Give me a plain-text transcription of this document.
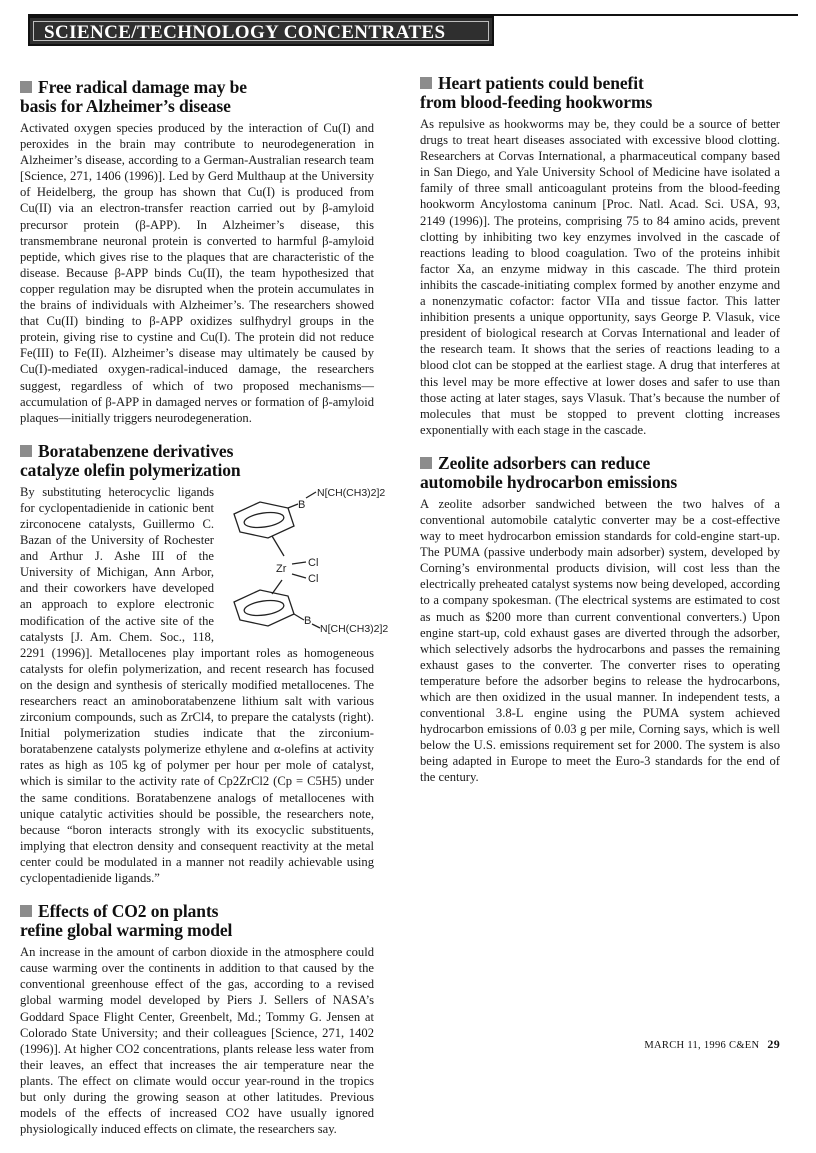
SCIENCE/TECHNOLOGY CONCENTRATES
Free radical damage may be
basis for Alzheimer’s disease

Activated oxygen species produced by the interaction of Cu(I) and peroxides in the brain may contribute to neurodegeneration in Alzheimer’s disease, according to a German-Australian research team [Science, 271, 1406 (1996)]. Led by Gerd Multhaup at the University of Heidelberg, the group has shown that Cu(I) is produced from Cu(II) via an electron-transfer reaction carried out by β-amyloid precursor protein (β-APP). In Alzheimer’s disease, this transmembrane neuronal protein is converted to harmful β-amyloid peptide, which gives rise to the plaques that are characteristic of the disease. Because β-APP binds Cu(II), the team hypothesized that copper regulation may be disrupted when the protein accumulates in the brains of individuals with Alzheimer’s. The researchers showed that Cu(II) binding to β-APP oxidizes sulfhydryl groups in the protein, giving rise to cystine and Cu(I). The protein did not reduce Fe(III) to Fe(II). Alzheimer’s disease may ultimately be caused by Cu(I)-mediated oxygen-radical-induced damage, the researchers suggest, regardless of which of two proposed mechanisms—accumulation of β-APP in damaged nerves or formation of β-amyloid plaques—initially triggers neurodegeneration.

Boratabenzene derivatives
catalyze olefin polymerization
B
N[CH(CH3)2]2
Zr Cl
Cl
B
N[CH(CH3)2]2
By substituting heterocyclic ligands for cyclopentadienide in cationic bent zirconocene catalysts, Guillermo C. Bazan of the University of Rochester and Arthur J. Ashe III of the University of Michigan, Ann Arbor, and their coworkers have developed an approach to explore electronic modification of the active site of the catalysts [J. Am. Chem. Soc., 118, 2291 (1996)]. Metallocenes play important roles as homogeneous catalysts for olefin polymerization, and recent research has focused on the design and synthesis of sterically modified metallocenes. The researchers react an aminoboratabenzene lithium salt with various zirconium compounds, such as ZrCl4, to prepare the catalysts (right). Initial polymerization studies indicate that the zirconium-boratabenzene catalysts polymerize ethylene and α-olefins at activity rates as high as 105 kg of polymer per hour per mole of catalyst, which is similar to the activity rate of Cp2ZrCl2 (Cp = C5H5) under the same conditions. Boratabenzene analogs of metallocenes with unique catalytic activities should be possible, the researchers note, because “boron interacts strongly with its exocyclic substituents, implying that electron density and consequent reactivity at the metal center could be modulated in a manner not readily achievable using cyclopentadienide ligands.”
Effects of CO2 on plants
refine global warming model

An increase in the amount of carbon dioxide in the atmosphere could cause warming over the continents in addition to that caused by the conventional greenhouse effect of the gas, according to a revised global warming model developed by Piers J. Sellers of NASA’s Goddard Space Flight Center, Greenbelt, Md.; Tommy G. Jensen at Colorado State University; and their colleagues [Science, 271, 1402 (1996)]. At higher CO2 concentrations, plants release less water from their leaves, an effect that increases the air temperature near the plants. The effect on climate would occur year-round in the tropics but only during the growing season at other latitudes. Previous models of the effects of increased CO2 have usually ignored physiologically induced effects on climate, the researchers say.

Heart patients could benefit
from blood-feeding hookworms

As repulsive as hookworms may be, they could be a source of better drugs to treat heart diseases associated with excessive blood clotting. Researchers at Corvas International, a pharmaceutical company based in San Diego, and Yale University School of Medicine have isolated a family of three small anticoagulant proteins from the blood-feeding hookworm Ancylostoma caninum [Proc. Natl. Acad. Sci. USA, 93, 2149 (1996)]. The proteins, comprising 75 to 84 amino acids, prevent clotting by inhibiting two key enzymes involved in the cascade of reactions leading to blood coagulation. Two of the proteins inhibit factor Xa, an enzyme midway in this cascade. The third protein inhibits the cascade-initiating complex formed by another enzyme and a nonenzymatic cofactor: factor VIIa and tissue factor. This latter inhibition presents a unique opportunity, says George P. Vlasuk, vice president of biological research at Corvas International and leader of the research team. It shows that the series of reactions leading to a blood clot can be stopped at the earliest stage. A drug that interferes at this level may be more effective at lower doses and safer to use than those acting at later stages, says Vlasuk. That’s because the number of molecules that must be stopped to prevent clotting increases exponentially with each stage in the cascade.

Zeolite adsorbers can reduce
automobile hydrocarbon emissions

A zeolite adsorber sandwiched between the two halves of a conventional automobile catalytic converter may be a cost-effective way to meet hydrocarbon emission standards for cold-engine start-up. The PUMA (passive underbody main adsorber) system, developed by Corning’s environmental products division, will cost less than the electrically preheated catalyst systems now being developed, according to a company spokesman. (The electrical systems are estimated to cost as much as $200 more than current conventional converters.) Upon engine start-up, cold exhaust gases are diverted through the adsorber, which selectively adsorbs the hydrocarbons and passes the remaining exhaust gases to the converter. The converter rises to operating temperature before the adsorber begins to release the hydrocarbons, which are then oxidized in the usual manner. In independent tests, a conventional 3.8-L engine using the PUMA system achieved hydrocarbon emissions of 0.03 g per mile, Corning says, which is well below the U.S. emissions requirement set for 2000. The system is also being adapted in Europe to meet the Euro-3 standards for the end of the century.

MARCH 11, 1996 C&EN 29
